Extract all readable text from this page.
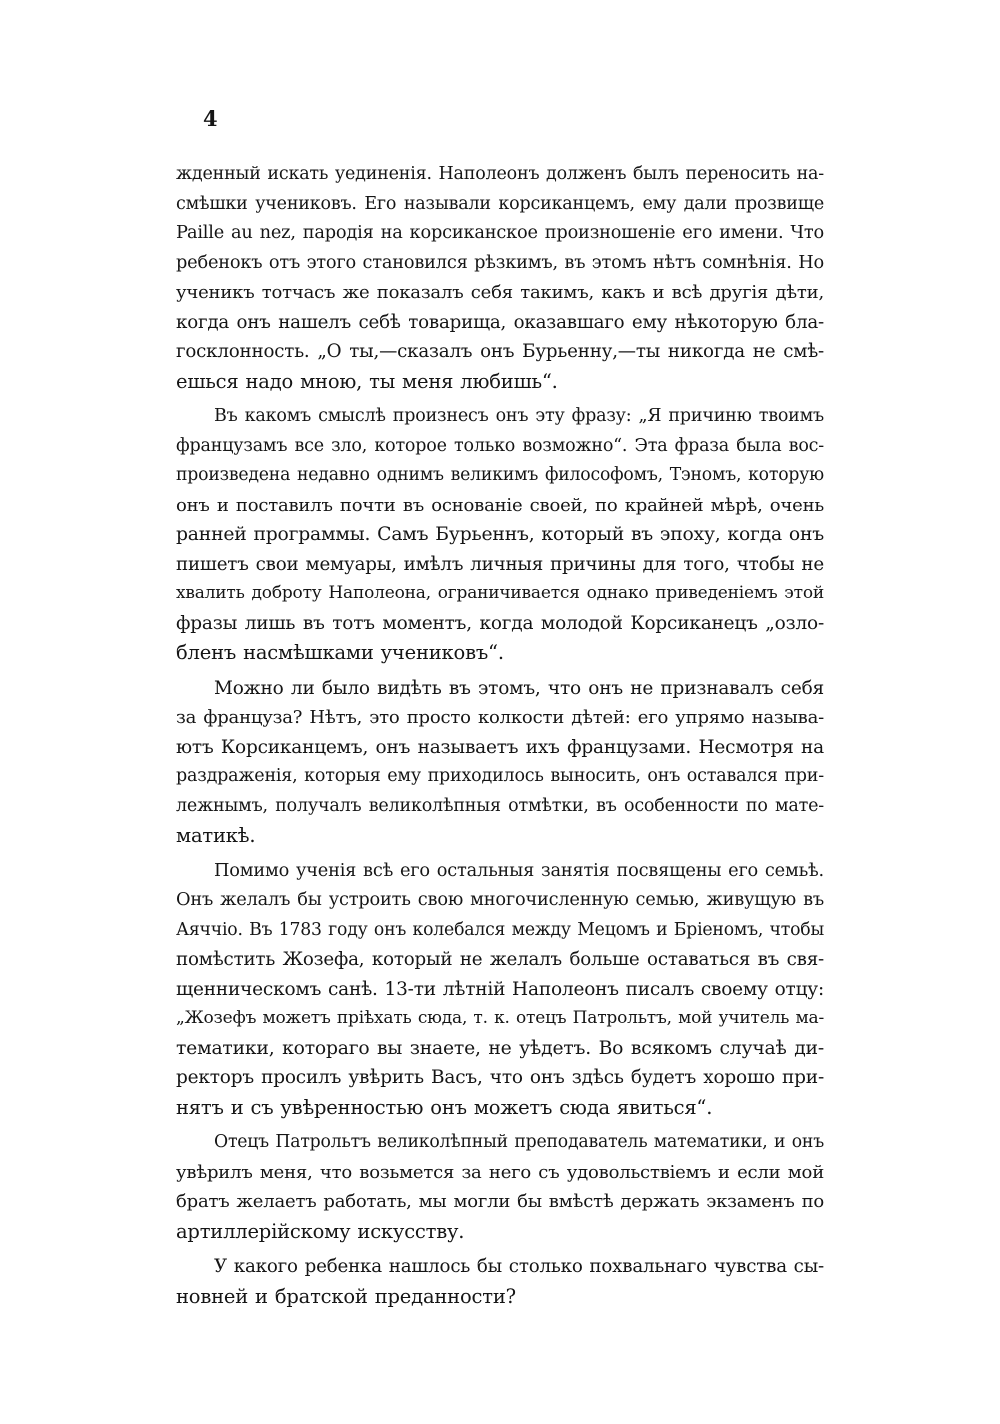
4

жденный искать уединенія. Наполеонъ долженъ былъ переносить на-
смѣшки учениковъ. Его называли корсиканцемъ, ему дали прозвище
Paille au nez, пародія на корсиканское произношеніе его имени. Что
ребенокъ отъ этого становился рѣзкимъ, въ этомъ нѣтъ сомнѣнія. Но
ученикъ тотчасъ же показалъ себя такимъ, какъ и всѣ другія дѣти,
когда онъ нашелъ себѣ товарища, оказавшаго ему нѣкоторую бла-
госклонность. „О ты,—сказалъ онъ Бурьенну,—ты никогда не смѣ-
ешься надо мною, ты меня любишь“.
Въ какомъ смыслѣ произнесъ онъ эту фразу: „Я причиню твоимъ
французамъ все зло, которое только возможно“. Эта фраза была вос-
произведена недавно однимъ великимъ философомъ, Тэномъ, которую
онъ и поставилъ почти въ основаніе своей, по крайней мѣрѣ, очень
ранней программы. Самъ Бурьеннъ, который въ эпоху, когда онъ
пишетъ свои мемуары, имѣлъ личныя причины для того, чтобы не
хвалить доброту Наполеона, ограничивается однако приведеніемъ этой
фразы лишь въ тотъ моментъ, когда молодой Корсиканецъ „озло-
бленъ насмѣшками учениковъ“.
Можно ли было видѣть въ этомъ, что онъ не признавалъ себя
за француза? Нѣтъ, это просто колкости дѣтей: его упрямо называ-
ютъ Корсиканцемъ, онъ называетъ ихъ французами. Несмотря на
раздраженія, которыя ему приходилось выносить, онъ оставался при-
лежнымъ, получалъ великолѣпныя отмѣтки, въ особенности по мате-
матикѣ.
Помимо ученія всѣ его остальныя занятія посвящены его семьѣ.
Онъ желалъ бы устроить свою многочисленную семью, живущую въ
Аяччіо. Въ 1783 году онъ колебался между Мецомъ и Бріеномъ, чтобы
помѣстить Жозефа, который не желалъ больше оставаться въ свя-
щенническомъ санѣ. 13-ти лѣтній Наполеонъ писалъ своему отцу:
„Жозефъ можетъ пріѣхать сюда, т. к. отецъ Патрольтъ, мой учитель ма-
тематики, котораго вы знаете, не уѣдетъ. Во всякомъ случаѣ ди-
ректоръ просилъ увѣрить Васъ, что онъ здѣсь будетъ хорошо при-
нятъ и съ увѣренностью онъ можетъ сюда явиться“.
Отецъ Патрольтъ великолѣпный преподаватель математики, и онъ
увѣрилъ меня, что возьмется за него съ удовольствіемъ и если мой
братъ желаетъ работать, мы могли бы вмѣстѣ держать экзаменъ по
артиллерійскому искусству.
У какого ребенка нашлось бы столько похвальнаго чувства сы-
новней и братской преданности?
